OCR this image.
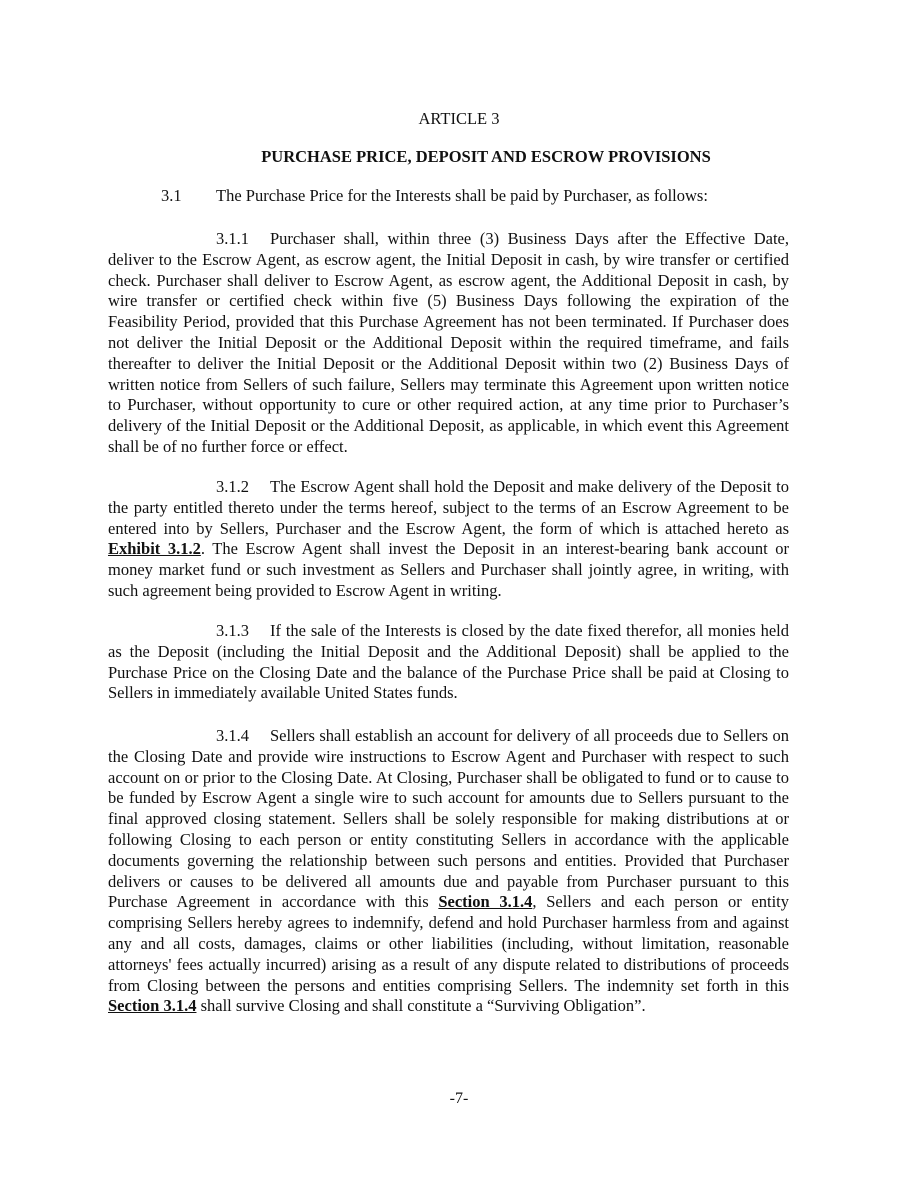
ARTICLE 3
PURCHASE PRICE, DEPOSIT AND ESCROW PROVISIONS
3.1 The Purchase Price for the Interests shall be paid by Purchaser, as follows:

3.1.1 Purchaser shall, within three (3) Business Days after the Effective Date, deliver to the Escrow Agent, as escrow agent, the Initial Deposit in cash, by wire transfer or certified check. Purchaser shall deliver to Escrow Agent, as escrow agent, the Additional Deposit in cash, by wire transfer or certified check within five (5) Business Days following the expiration of the Feasibility Period, provided that this Purchase Agreement has not been terminated. If Purchaser does not deliver the Initial Deposit or the Additional Deposit within the required timeframe, and fails thereafter to deliver the Initial Deposit or the Additional Deposit within two (2) Business Days of written notice from Sellers of such failure, Sellers may terminate this Agreement upon written notice to Purchaser, without opportunity to cure or other required action, at any time prior to Purchaser’s delivery of the Initial Deposit or the Additional Deposit, as applicable, in which event this Agreement shall be of no further force or effect.

3.1.2 The Escrow Agent shall hold the Deposit and make delivery of the Deposit to the party entitled thereto under the terms hereof, subject to the terms of an Escrow Agreement to be entered into by Sellers, Purchaser and the Escrow Agent, the form of which is attached hereto as Exhibit 3.1.2. The Escrow Agent shall invest the Deposit in an interest-bearing bank account or money market fund or such investment as Sellers and Purchaser shall jointly agree, in writing, with such agreement being provided to Escrow Agent in writing.

3.1.3 If the sale of the Interests is closed by the date fixed therefor, all monies held as the Deposit (including the Initial Deposit and the Additional Deposit) shall be applied to the Purchase Price on the Closing Date and the balance of the Purchase Price shall be paid at Closing to Sellers in immediately available United States funds.

3.1.4 Sellers shall establish an account for delivery of all proceeds due to Sellers on the Closing Date and provide wire instructions to Escrow Agent and Purchaser with respect to such account on or prior to the Closing Date. At Closing, Purchaser shall be obligated to fund or to cause to be funded by Escrow Agent a single wire to such account for amounts due to Sellers pursuant to the final approved closing statement. Sellers shall be solely responsible for making distributions at or following Closing to each person or entity constituting Sellers in accordance with the applicable documents governing the relationship between such persons and entities. Provided that Purchaser delivers or causes to be delivered all amounts due and payable from Purchaser pursuant to this Purchase Agreement in accordance with this Section 3.1.4, Sellers and each person or entity comprising Sellers hereby agrees to indemnify, defend and hold Purchaser harmless from and against any and all costs, damages, claims or other liabilities (including, without limitation, reasonable attorneys' fees actually incurred) arising as a result of any dispute related to distributions of proceeds from Closing between the persons and entities comprising Sellers. The indemnity set forth in this Section 3.1.4 shall survive Closing and shall constitute a “Surviving Obligation”.

-7-
